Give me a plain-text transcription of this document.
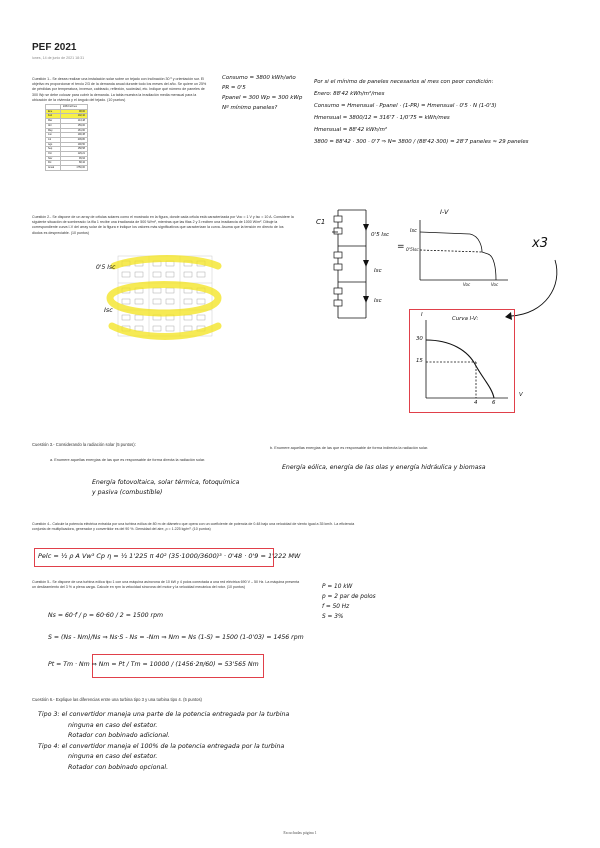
PEF 2021
lunes, 14 de junio de 2021 18:31
Cuestión 1.- Se desea realizar una instalación solar sobre un tejado con inclinación 30 º y orientación sur. El objetivo es proporcionar el tercio 2/3 de la demanda anual durante todo los meses del año. Se quiere un 25% de pérdidas por temperatura, inversor, cableado, reflexión, suciedad, etc. Indique qué número de paneles de 300 Wp se debe colocar para cubrir la demanda. La tabla muestra la irradiación media mensual para la ubicación de la vivienda y el ángulo del tejado. (10 puntos)
	kWh/m2/mes
Ene	98,00
Feb	102,10
Mar	143,48
Abr	159,00
May	181,60
Jun	190,38
Jul	209,80
Ago	190,50
Sep	158,58
Oct	129,21
Nov	99,94
Dic	88,42
Anual	1750,00
Consumo = 3800 kWh/año
PR = 0'5
Ppanel = 300 Wp = 300 kWp
Nº mínimo paneles?
Por si el mínimo de paneles necesarios al mes con peor condición:
Enero: 88'42 kWh/m²/mes
Consumo = Hmensual · Ppanel · (1-PR) = Hmensual · 0'5 · N (1-0'3)
Hmensual = 3800/12 = 316'7 · 1/0'75 = kWh/mes
Hmensual = 88'42 kWh/m²
3800 = 88'42 · 300 · 0'7 ⇒ N= 3800 / (88'42·300) = 28'7 paneles ≈ 29 paneles
Cuestión 2.- Se dispone de un array de células solares como el mostrado en la figura, donde cada célula está caracterizada por Voc = 1 V y Isc = 10 A. Considere la siguiente situación de sombreado: la fila 1 recibe una irradiancia de 500 W/m², mientras que las filas 2 y 3 reciben una irradiancia de 1000 W/m². Dibuje la correspondiente curva I-V del array solar de la figura e indique los valores más significativos que caracterizan la curva. Asuma que la tensión en directo de los diodos es despreciable. (10 puntos)
0'5 Isc
Isc
C1
0'5 Isc
Isc
Isc
=
I-V
Isc
0'5Isc
Voc	Voc
x3
Curva I-V:
I
30
15
4	6
V
Cuestión 3.- Considerando la radiación solar (5 puntos):
a. Enumere aquellas energías de las que es responsable de forma directa la radiación solar.
Energía fotovoltaica, solar térmica, fotoquímica y pasiva (combustible)
b. Enumere aquellas energías de las que es responsable de forma indirecta la radiación solar.
Energía eólica, energía de las olas y energía hidráulica y biomasa
Cuestión 4.- Calcule la potencia eléctrica extraída por una turbina eólica de 80 m de diámetro que opera con un coeficiente de potencia de 0.48 bajo una velocidad de viento igual a 35 km/h. La eficiencia conjunta de multiplicadora, generador y convertidor es del 90 %. Densidad del aire, ρ = 1.225 kg/m³. (10 puntos)
Pelc = ½ ρ A Vw³ Cp η = ½ 1'225 π 40² (35·1000/3600)³ · 0'48 · 0'9 = 1'222 MW
Cuestión 5.- Se dispone de una turbina eólica tipo 1 con una máquina asíncrona de 10 kW y 4 polos conectada a una red eléctrica 690 V – 50 Hz. La máquina presenta un deslizamiento del 3 % a plena carga. Calcule en rpm la velocidad síncrona del motor y la velocidad mecánica del rotor. (10 puntos)	P = 10 kW
p = 2 par de polos
f = 50 Hz
S = 3%
Ns = 60·f / p = 60·60 / 2 = 1500 rpm
S = (Ns - Nm)/Ns ⇒ Ns·S - Ns = -Nm ⇒ Nm = Ns (1-S) = 1500 (1-0'03) = 1456 rpm
Pt = Tm · Nm ⇒ Nm = Pt / Tm = 10000 / (1456·2π/60) = 53'565 Nm
Cuestión 6.- Explique las diferencias entre una turbina tipo 3 y una turbina tipo 4. (5 puntos)
Tipo 3: el convertidor maneja una parte de la potencia entregada por la turbina
ninguna en caso del estator.
Rotador con bobinado adicional.
Tipo 4: el convertidor maneja el 100% de la potencia entregada por la turbina
ninguna en caso del estator.
Rotador con bobinado opcional.
Escuchadas página 1
